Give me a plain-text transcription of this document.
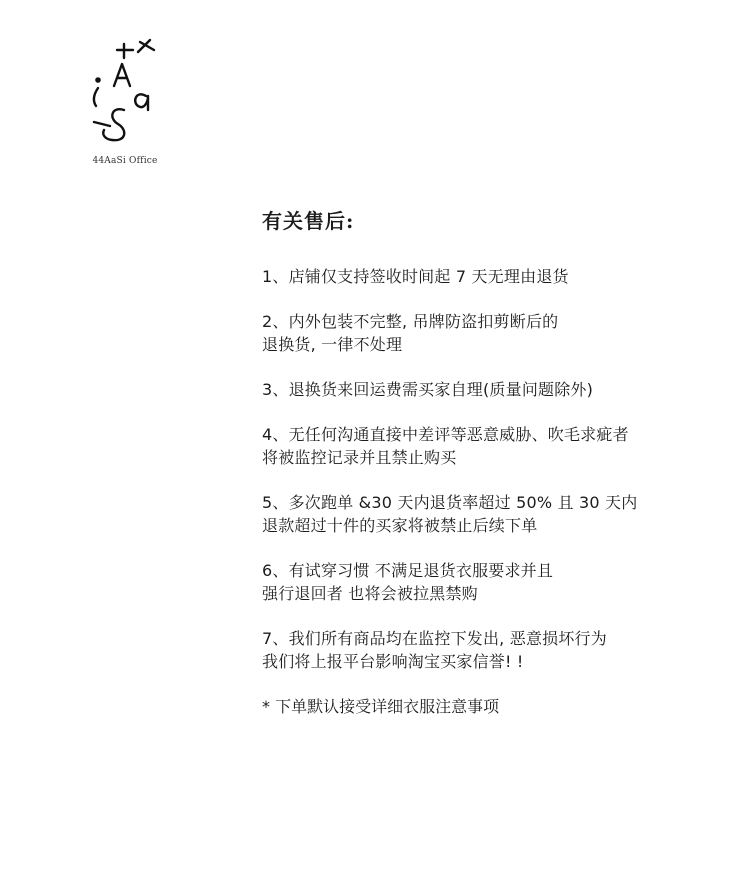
44AaSi Office
有关售后:
1、店铺仅支持签收时间起 7 天无理由退货
2、内外包装不完整, 吊牌防盗扣剪断后的
退换货, 一律不处理
3、退换货来回运费需买家自理(质量问题除外)
4、无任何沟通直接中差评等恶意威胁、吹毛求疵者
将被监控记录并且禁止购买
5、多次跑单 &30 天内退货率超过 50% 且 30 天内
退款超过十件的买家将被禁止后续下单
6、有试穿习惯 不满足退货衣服要求并且
强行退回者 也将会被拉黑禁购
7、我们所有商品均在监控下发出, 恶意损坏行为
我们将上报平台影响淘宝买家信誉! !
* 下单默认接受详细衣服注意事项
